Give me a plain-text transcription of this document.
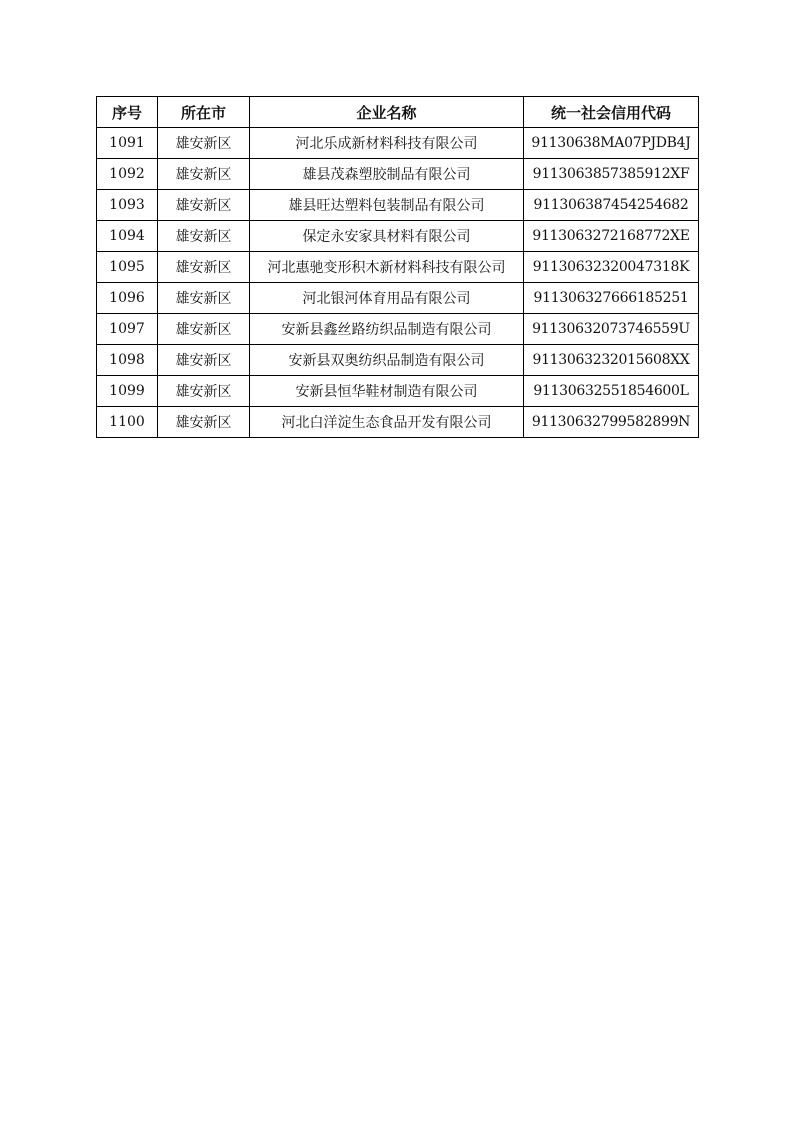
序号	所在市	企业名称	统一社会信用代码
1091	雄安新区	河北乐成新材料科技有限公司	91130638MA07PJDB4J
1092	雄安新区	雄县茂森塑胶制品有限公司	9113063857385912XF
1093	雄安新区	雄县旺达塑料包装制品有限公司	911306387454254682
1094	雄安新区	保定永安家具材料有限公司	9113063272168772XE
1095	雄安新区	河北惠驰变形积木新材料科技有限公司	91130632320047318K
1096	雄安新区	河北银河体育用品有限公司	911306327666185251
1097	雄安新区	安新县鑫丝路纺织品制造有限公司	91130632073746559U
1098	雄安新区	安新县双奥纺织品制造有限公司	9113063232015608XX
1099	雄安新区	安新县恒华鞋材制造有限公司	91130632551854600L
1100	雄安新区	河北白洋淀生态食品开发有限公司	91130632799582899N
